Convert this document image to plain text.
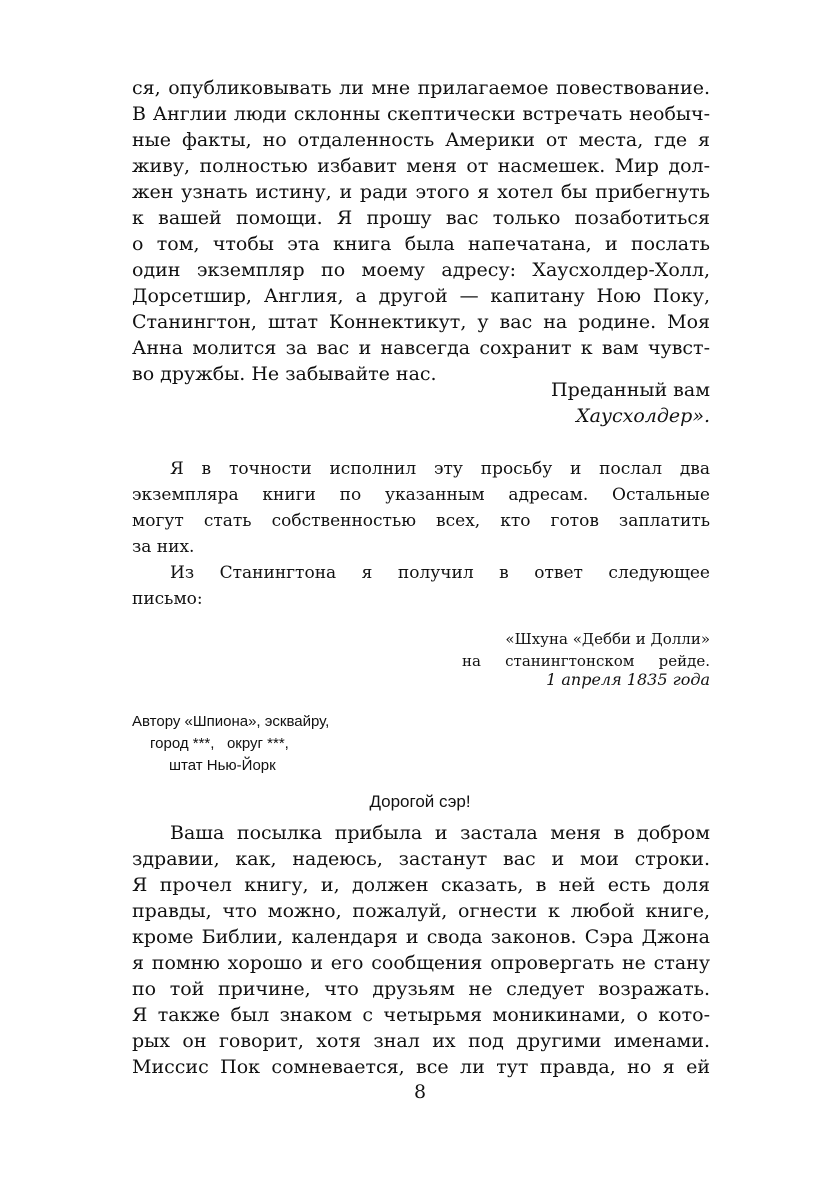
ся, опубликовывать ли мне прилагаемое повествование.
В Англии люди склонны скептически встречать необыч-
ные факты, но отдаленность Америки от места, где я
живу, полностью избавит меня от насмешек. Мир дол-
жен узнать истину, и ради этого я хотел бы прибегнуть
к вашей помощи. Я прошу вас только позаботиться
о том, чтобы эта книга была напечатана, и послать
один экземпляр по моему адресу: Хаусхолдер-Холл,
Дорсетшир, Англия, а другой — капитану Ною Поку,
Станингтон, штат Коннектикут, у вас на родине. Моя
Анна молится за вас и навсегда сохранит к вам чувст-
во дружбы. Не забывайте нас.
Преданный вам
Хаусхолдер».
Я в точности исполнил эту просьбу и послал два
экземпляра книги по указанным адресам. Остальные
могут стать собственностью всех, кто готов заплатить
за них.
Из Станингтона я получил в ответ следующее
письмо:
«Шхуна «Дебби и Долли»
на станингтонском рейде.
1 апреля 1835 года
Автору «Шпиона», эсквайру,
город ***,   округ ***,
штат Нью-Йорк
Дорогой сэр!
Ваша посылка прибыла и застала меня в добром
здравии, как, надеюсь, застанут вас и мои строки.
Я прочел книгу, и, должен сказать, в ней есть доля
правды, что можно, пожалуй, огнести к любой книге,
кроме Библии, календаря и свода законов. Сэра Джона
я помню хорошо и его сообщения опровергать не стану
по той причине, что друзьям не следует возражать.
Я также был знаком с четырьмя моникинами, о кото-
рых он говорит, хотя знал их под другими именами.
Миссис Пок сомневается, все ли тут правда, но я ей
8
